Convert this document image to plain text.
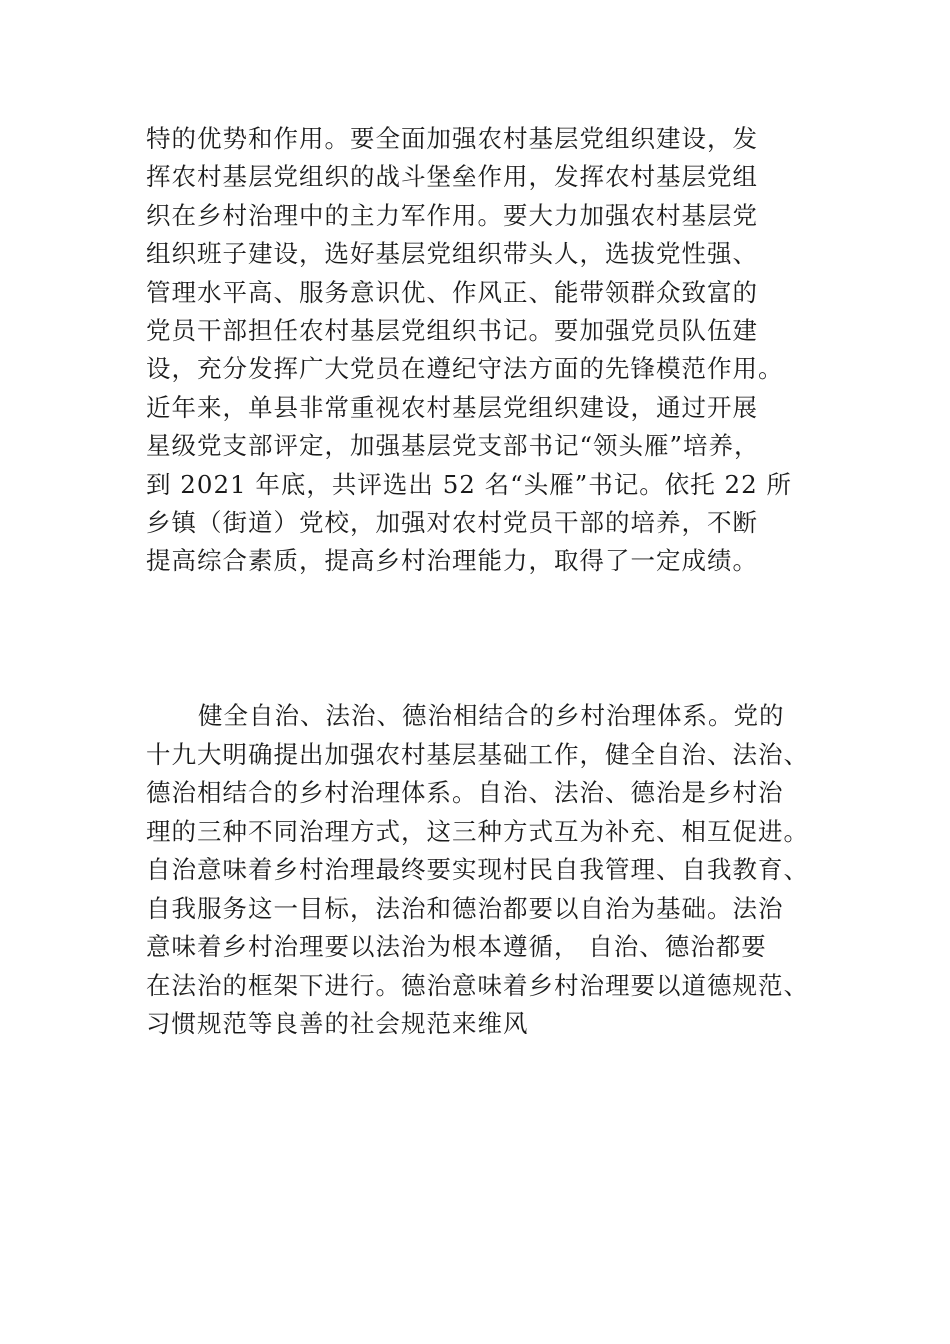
特的优势和作用。要全面加强农村基层党组织建设，发
挥农村基层党组织的战斗堡垒作用，发挥农村基层党组
织在乡村治理中的主力军作用。要大力加强农村基层党
组织班子建设，选好基层党组织带头人，选拔党性强、
管理水平高、服务意识优、作风正、能带领群众致富的
党员干部担任农村基层党组织书记。要加强党员队伍建
设，充分发挥广大党员在遵纪守法方面的先锋模范作用。
近年来，单县非常重视农村基层党组织建设，通过开展
星级党支部评定，加强基层党支部书记“领头雁”培养，
到 2021 年底，共评选出 52 名“头雁”书记。依托 22 所
乡镇（街道）党校，加强对农村党员干部的培养，不断
提高综合素质，提高乡村治理能力，取得了一定成绩。
健全自治、法治、德治相结合的乡村治理体系。党的
十九大明确提出加强农村基层基础工作，健全自治、法治、
德治相结合的乡村治理体系。自治、法治、德治是乡村治
理的三种不同治理方式，这三种方式互为补充、相互促进。
自治意味着乡村治理最终要实现村民自我管理、自我教育、
自我服务这一目标，法治和德治都要以自治为基础。法治
意味着乡村治理要以法治为根本遵循， 自治、德治都要
在法治的框架下进行。德治意味着乡村治理要以道德规范、
习惯规范等良善的社会规范来维风
